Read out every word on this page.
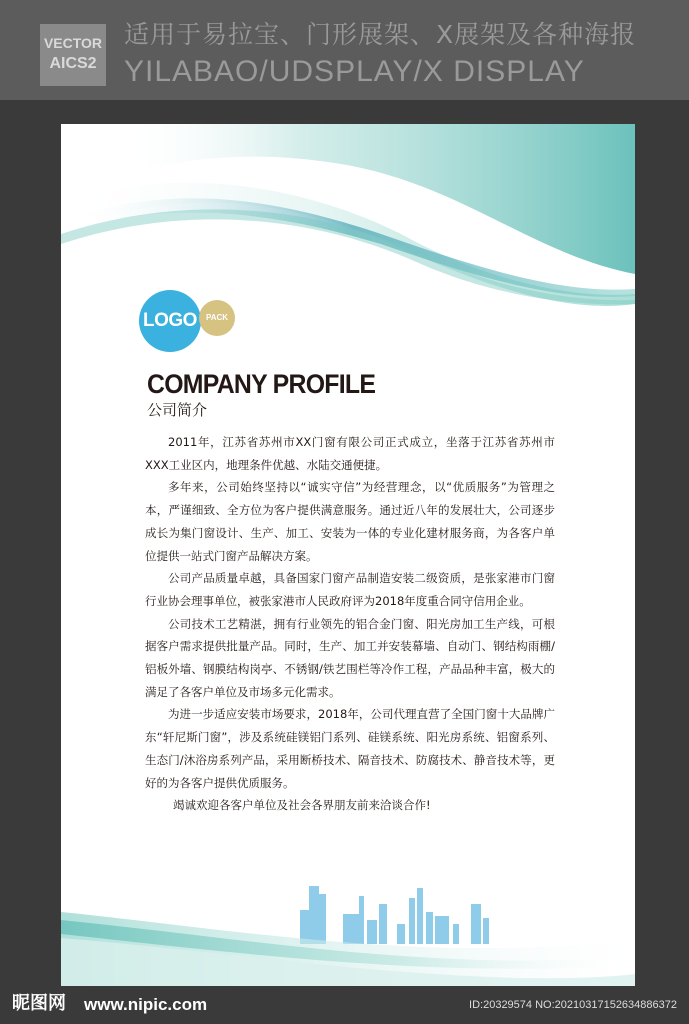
VECTOR
AICS2
适用于易拉宝、门形展架、X展架及各种海报
YILABAO/UDSPLAY/X DISPLAY
LOGO	PACK
COMPANY PROFILE
公司简介

2011年，江苏省苏州市XX门窗有限公司正式成立，坐落于江苏省苏州市XXX工业区内，地理条件优越、水陆交通便捷。

多年来，公司始终坚持以“诚实守信”为经营理念，以“优质服务”为管理之本，严谨细致、全方位为客户提供满意服务。通过近八年的发展壮大，公司逐步成长为集门窗设计、生产、加工、安装为一体的专业化建材服务商，为各客户单位提供一站式门窗产品解决方案。

公司产品质量卓越，具备国家门窗产品制造安装二级资质，是张家港市门窗行业协会理事单位，被张家港市人民政府评为2018年度重合同守信用企业。

公司技术工艺精湛，拥有行业领先的铝合金门窗、阳光房加工生产线，可根据客户需求提供批量产品。同时，生产、加工并安装幕墙、自动门、钢结构雨棚/铝板外墙、钢膜结构岗亭、不锈钢/铁艺围栏等冷作工程，产品品种丰富，极大的满足了各客户单位及市场多元化需求。

为进一步适应安装市场要求，2018年，公司代理直营了全国门窗十大品牌广东“轩尼斯门窗”，涉及系统硅镁铝门系列、硅镁系统、阳光房系统、铝窗系列、生态门/沐浴房系列产品，采用断桥技术、隔音技术、防腐技术、静音技术等，更好的为各客户提供优质服务。

竭诚欢迎各客户单位及社会各界朋友前来洽谈合作!

昵图网 www.nipic.com	ID:20329574 NO:20210317152634886372
